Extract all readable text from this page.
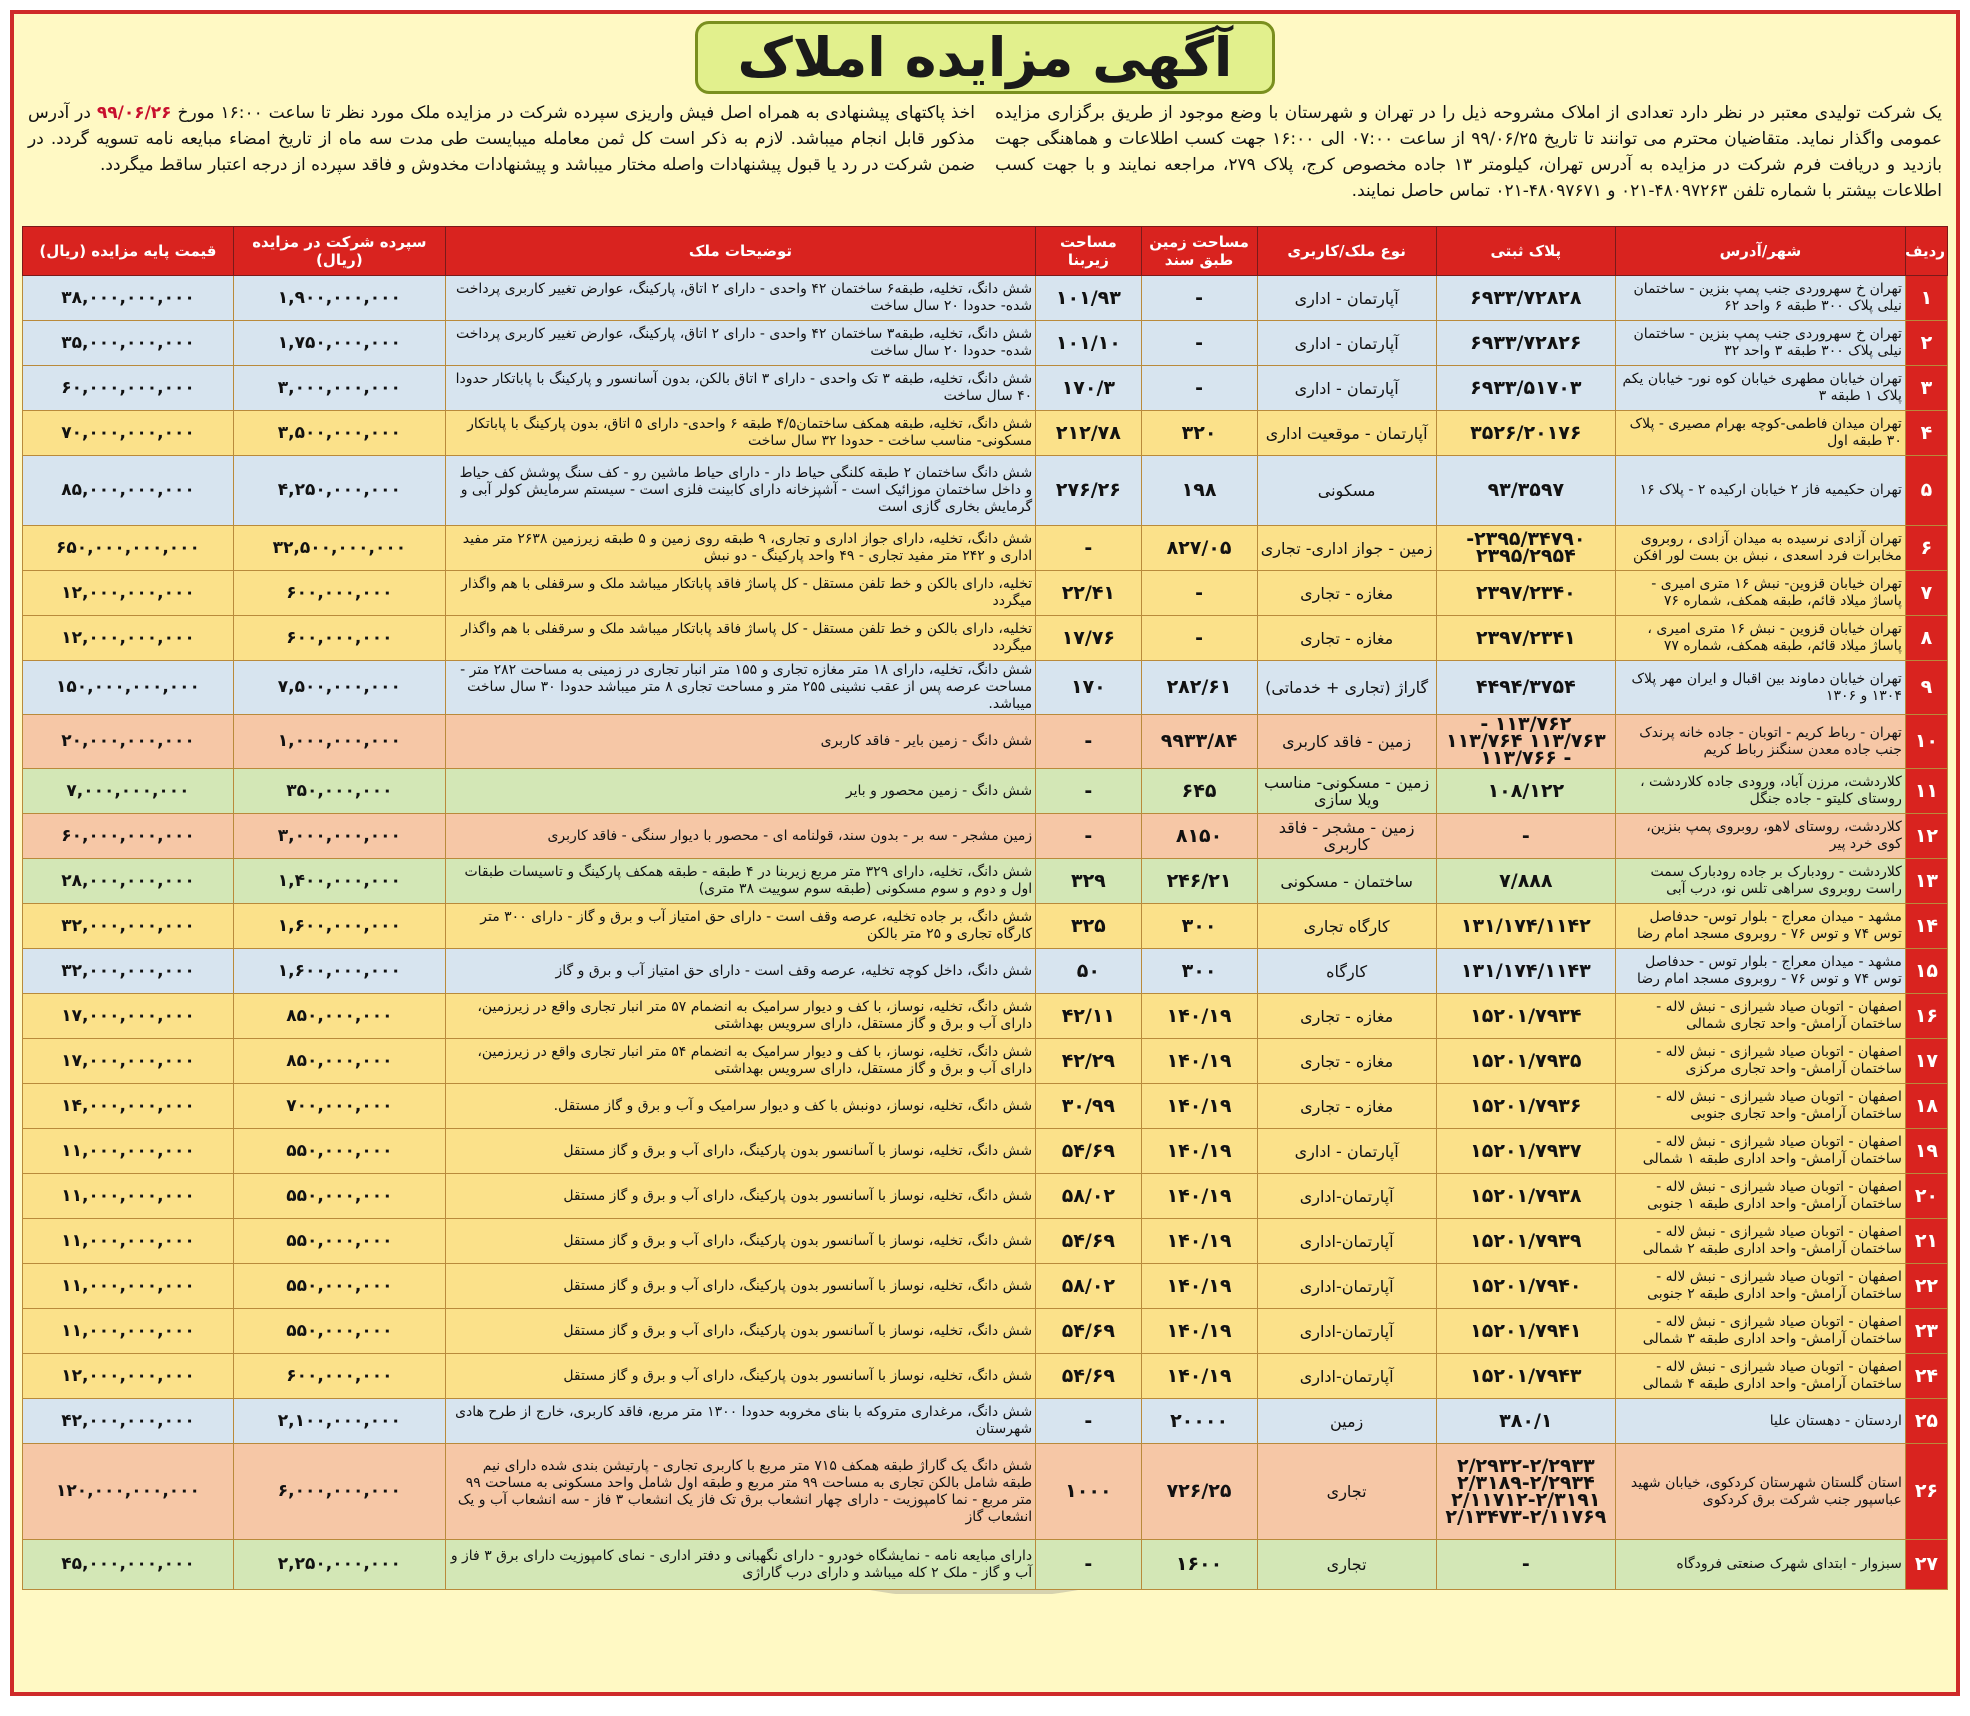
آگهی مزایده املاک

یک شرکت تولیدی معتبر در نظر دارد تعدادی از املاک مشروحه ذیل را در تهران و شهرستان با وضع موجود از طریق برگزاری مزایده عمومی واگذار نماید. متقاضیان محترم می توانند تا تاریخ ۹۹/۰۶/۲۵ از ساعت ۰۷:۰۰ الی ۱۶:۰۰ جهت کسب اطلاعات و هماهنگی جهت بازدید و دریافت فرم شرکت در مزایده به آدرس تهران، کیلومتر ۱۳ جاده مخصوص کرج، پلاک ۲۷۹، مراجعه نمایند و با جهت کسب اطلاعات بیشتر با شماره تلفن ۴۸۰۹۷۲۶۳-۰۲۱ و ۴۸۰۹۷۶۷۱-۰۲۱ تماس حاصل نمایند.

اخذ پاکتهای پیشنهادی به همراه اصل فیش واریزی سپرده شرکت در مزایده ملک مورد نظر تا ساعت ۱۶:۰۰ مورخ ۹۹/۰۶/۲۶ در آدرس مذکور قابل انجام میباشد. لازم به ذکر است کل ثمن معامله میبایست طی مدت سه ماه از تاریخ امضاء مبایعه نامه تسویه گردد. در ضمن شرکت در رد یا قبول پیشنهادات واصله مختار میباشد و پیشنهادات مخدوش و فاقد سپرده از درجه اعتبار ساقط میگردد.

ردیف	شهر/آدرس	پلاک ثبتی	نوع ملک/کاربری	مساحت زمین طبق سند	مساحت زیربنا	توضیحات ملک	سپرده شرکت در مزایده (ریال)	قیمت پایه مزایده (ریال)
۱	تهران خ سهروردی جنب پمپ بنزین - ساختمان نیلی پلاک ۳۰۰ طبقه ۶ واحد ۶۲	۶۹۳۳/۷۲۸۲۸	آپارتمان - اداری	-	۱۰۱/۹۳	شش دانگ، تخلیه، طبقه۶ ساختمان ۴۲ واحدی - دارای ۲ اتاق، پارکینگ، عوارض تغییر کاربری پرداخت شده- حدودا ۲۰ سال ساخت	۱,۹۰۰,۰۰۰,۰۰۰	۳۸,۰۰۰,۰۰۰,۰۰۰
۲	تهران خ سهروردی جنب پمپ بنزین - ساختمان نیلی پلاک ۳۰۰ طبقه ۳ واحد ۳۲	۶۹۳۳/۷۲۸۲۶	آپارتمان - اداری	-	۱۰۱/۱۰	شش دانگ، تخلیه، طبقه۳ ساختمان ۴۲ واحدی - دارای ۲ اتاق، پارکینگ، عوارض تغییر کاربری پرداخت شده- حدودا ۲۰ سال ساخت	۱,۷۵۰,۰۰۰,۰۰۰	۳۵,۰۰۰,۰۰۰,۰۰۰
۳	تهران خیابان مطهری خیابان کوه نور- خیابان یکم پلاک ۱ طبقه ۳	۶۹۳۳/۵۱۷۰۳	آپارتمان - اداری	-	۱۷۰/۳	شش دانگ، تخلیه، طبقه ۳ تک واحدی - دارای ۳ اتاق بالکن، بدون آسانسور و پارکینگ با پاباتکار حدودا ۴۰ سال ساخت	۳,۰۰۰,۰۰۰,۰۰۰	۶۰,۰۰۰,۰۰۰,۰۰۰
۴	تهران میدان فاطمی-کوچه بهرام مصیری - پلاک ۳۰ طبقه اول	۳۵۲۶/۲۰۱۷۶	آپارتمان - موقعیت اداری	۳۲۰	۲۱۲/۷۸	شش دانگ، تخلیه، طبقه همکف ساختمان۴/۵ طبقه ۶ واحدی- دارای ۵ اتاق، بدون پارکینگ با پاباتکار مسکونی- مناسب ساخت - حدودا ۳۲ سال ساخت	۳,۵۰۰,۰۰۰,۰۰۰	۷۰,۰۰۰,۰۰۰,۰۰۰
۵	تهران حکیمیه فاز ۲ خیابان ارکیده ۲ - پلاک ۱۶	۹۳/۳۵۹۷	مسکونی	۱۹۸	۲۷۶/۲۶	شش دانگ ساختمان ۲ طبقه کلنگی حیاط دار - دارای حیاط ماشین رو - کف سنگ پوشش کف حیاط و داخل ساختمان موزائیک است - آشپزخانه دارای کابینت فلزی است - سیستم سرمایش کولر آبی و گرمایش بخاری گازی است	۴,۲۵۰,۰۰۰,۰۰۰	۸۵,۰۰۰,۰۰۰,۰۰۰
۶	تهران آزادی نرسیده به میدان آزادی ، روبروی مخابرات فرد اسعدی ، نبش بن بست لور افکن	۲۳۹۵/۳۴۷۹۰- ۲۳۹۵/۲۹۵۴	زمین - جواز اداری- تجاری	۸۲۷/۰۵	-	شش دانگ، تخلیه، دارای جواز اداری و تجاری، ۹ طبقه روی زمین و ۵ طبقه زیرزمین ۲۶۳۸ متر مفید اداری و ۲۴۲ متر مفید تجاری - ۴۹ واحد پارکینگ - دو نبش	۳۲,۵۰۰,۰۰۰,۰۰۰	۶۵۰,۰۰۰,۰۰۰,۰۰۰
۷	تهران خیابان قزوین- نبش ۱۶ متری امیری - پاساژ میلاد قائم، طبقه همکف، شماره ۷۶	۲۳۹۷/۲۳۴۰	مغازه - تجاری	-	۲۲/۴۱	تخلیه، دارای بالکن و خط تلفن مستقل - کل پاساژ فاقد پاباتکار میباشد ملک و سرقفلی با هم واگذار میگردد	۶۰۰,۰۰۰,۰۰۰	۱۲,۰۰۰,۰۰۰,۰۰۰
۸	تهران خیابان قزوین - نبش ۱۶ متری امیری ، پاساژ میلاد قائم، طبقه همکف، شماره ۷۷	۲۳۹۷/۲۳۴۱	مغازه - تجاری	-	۱۷/۷۶	تخلیه، دارای بالکن و خط تلفن مستقل - کل پاساژ فاقد پاباتکار میباشد ملک و سرقفلی با هم واگذار میگردد	۶۰۰,۰۰۰,۰۰۰	۱۲,۰۰۰,۰۰۰,۰۰۰
۹	تهران خیابان دماوند بین اقبال و ایران مهر پلاک ۱۳۰۴ و ۱۳۰۶	۴۴۹۴/۳۷۵۴	گاراژ (تجاری + خدماتی)	۲۸۲/۶۱	۱۷۰	شش دانگ، تخلیه، دارای ۱۸ متر مغازه تجاری و ۱۵۵ متر انبار تجاری در زمینی به مساحت ۲۸۲ متر - مساحت عرصه پس از عقب نشینی ۲۵۵ متر و مساحت تجاری ۸ متر میباشد حدودا ۳۰ سال ساخت میباشد.	۷,۵۰۰,۰۰۰,۰۰۰	۱۵۰,۰۰۰,۰۰۰,۰۰۰
۱۰	تهران - رباط کریم - اتوبان - جاده خانه پرندک جنب جاده معدن سنگنز رباط کریم	۱۱۳/۷۶۲ - ۱۱۳/۷۶۳ ۱۱۳/۷۶۴ - ۱۱۳/۷۶۶	زمین - فاقد کاربری	۹۹۳۳/۸۴	-	شش دانگ - زمین بایر - فاقد کاربری	۱,۰۰۰,۰۰۰,۰۰۰	۲۰,۰۰۰,۰۰۰,۰۰۰
۱۱	کلاردشت، مرزن آباد، ورودی جاده کلاردشت ، روستای کلیتو - جاده جنگل	۱۰۸/۱۲۲	زمین - مسکونی- مناسب ویلا سازی	۶۴۵	-	شش دانگ - زمین محصور و بایر	۳۵۰,۰۰۰,۰۰۰	۷,۰۰۰,۰۰۰,۰۰۰
۱۲	کلاردشت، روستای لاهو، روبروی پمپ بنزین، کوی خرد پیر	-	زمین - مشجر - فاقد کاربری	۸۱۵۰	-	زمین مشجر - سه بر - بدون سند، قولنامه ای - محصور با دیوار سنگی - فاقد کاربری	۳,۰۰۰,۰۰۰,۰۰۰	۶۰,۰۰۰,۰۰۰,۰۰۰
۱۳	کلاردشت - رودبارک بر جاده رودبارک سمت راست روبروی سراهی تلس نو، درب آبی	۷/۸۸۸	ساختمان - مسکونی	۲۴۶/۲۱	۳۲۹	شش دانگ، تخلیه، دارای ۳۲۹ متر مربع زیربنا در ۴ طبقه - طبقه همکف پارکینگ و تاسیسات طبقات اول و دوم و سوم مسکونی (طبقه سوم سوییت ۳۸ متری)	۱,۴۰۰,۰۰۰,۰۰۰	۲۸,۰۰۰,۰۰۰,۰۰۰
۱۴	مشهد - میدان معراج - بلوار توس- حدفاصل توس ۷۴ و توس ۷۶ - روبروی مسجد امام رضا	۱۳۱/۱۷۴/۱۱۴۲	کارگاه تجاری	۳۰۰	۳۲۵	شش دانگ، بر جاده تخلیه، عرصه وقف است - دارای حق امتیاز آب و برق و گاز - دارای ۳۰۰ متر کارگاه تجاری و ۲۵ متر بالکن	۱,۶۰۰,۰۰۰,۰۰۰	۳۲,۰۰۰,۰۰۰,۰۰۰
۱۵	مشهد - میدان معراج - بلوار توس - حدفاصل توس ۷۴ و توس ۷۶ - روبروی مسجد امام رضا	۱۳۱/۱۷۴/۱۱۴۳	کارگاه	۳۰۰	۵۰	شش دانگ، داخل کوچه تخلیه، عرصه وقف است - دارای حق امتیاز آب و برق و گاز	۱,۶۰۰,۰۰۰,۰۰۰	۳۲,۰۰۰,۰۰۰,۰۰۰
۱۶	اصفهان - اتوبان صیاد شیرازی - نبش لاله - ساختمان آرامش- واحد تجاری شمالی	۱۵۲۰۱/۷۹۳۴	مغازه - تجاری	۱۴۰/۱۹	۴۲/۱۱	شش دانگ، تخلیه، نوساز، با کف و دیوار سرامیک به انضمام ۵۷ متر انبار تجاری واقع در زیرزمین، دارای آب و برق و گاز مستقل، دارای سرویس بهداشتی	۸۵۰,۰۰۰,۰۰۰	۱۷,۰۰۰,۰۰۰,۰۰۰
۱۷	اصفهان - اتوبان صیاد شیرازی - نبش لاله - ساختمان آرامش- واحد تجاری مرکزی	۱۵۲۰۱/۷۹۳۵	مغازه - تجاری	۱۴۰/۱۹	۴۲/۲۹	شش دانگ، تخلیه، نوساز، با کف و دیوار سرامیک به انضمام ۵۴ متر انبار تجاری واقع در زیرزمین، دارای آب و برق و گاز مستقل، دارای سرویس بهداشتی	۸۵۰,۰۰۰,۰۰۰	۱۷,۰۰۰,۰۰۰,۰۰۰
۱۸	اصفهان - اتوبان صیاد شیرازی - نبش لاله - ساختمان آرامش- واحد تجاری جنوبی	۱۵۲۰۱/۷۹۳۶	مغازه - تجاری	۱۴۰/۱۹	۳۰/۹۹	شش دانگ، تخلیه، نوساز، دونبش با کف و دیوار سرامیک و آب و برق و گاز مستقل.	۷۰۰,۰۰۰,۰۰۰	۱۴,۰۰۰,۰۰۰,۰۰۰
۱۹	اصفهان - اتوبان صیاد شیرازی - نبش لاله - ساختمان آرامش- واحد اداری طبقه ۱ شمالی	۱۵۲۰۱/۷۹۳۷	آپارتمان - اداری	۱۴۰/۱۹	۵۴/۶۹	شش دانگ، تخلیه، نوساز با آسانسور بدون پارکینگ، دارای آب و برق و گاز مستقل	۵۵۰,۰۰۰,۰۰۰	۱۱,۰۰۰,۰۰۰,۰۰۰
۲۰	اصفهان - اتوبان صیاد شیرازی - نبش لاله - ساختمان آرامش- واحد اداری طبقه ۱ جنوبی	۱۵۲۰۱/۷۹۳۸	آپارتمان-اداری	۱۴۰/۱۹	۵۸/۰۲	شش دانگ، تخلیه، نوساز با آسانسور بدون پارکینگ، دارای آب و برق و گاز مستقل	۵۵۰,۰۰۰,۰۰۰	۱۱,۰۰۰,۰۰۰,۰۰۰
۲۱	اصفهان - اتوبان صیاد شیرازی - نبش لاله - ساختمان آرامش- واحد اداری طبقه ۲ شمالی	۱۵۲۰۱/۷۹۳۹	آپارتمان-اداری	۱۴۰/۱۹	۵۴/۶۹	شش دانگ، تخلیه، نوساز با آسانسور بدون پارکینگ، دارای آب و برق و گاز مستقل	۵۵۰,۰۰۰,۰۰۰	۱۱,۰۰۰,۰۰۰,۰۰۰
۲۲	اصفهان - اتوبان صیاد شیرازی - نبش لاله - ساختمان آرامش- واحد اداری طبقه ۲ جنوبی	۱۵۲۰۱/۷۹۴۰	آپارتمان-اداری	۱۴۰/۱۹	۵۸/۰۲	شش دانگ، تخلیه، نوساز با آسانسور بدون پارکینگ، دارای آب و برق و گاز مستقل	۵۵۰,۰۰۰,۰۰۰	۱۱,۰۰۰,۰۰۰,۰۰۰
۲۳	اصفهان - اتوبان صیاد شیرازی - نبش لاله - ساختمان آرامش- واحد اداری طبقه ۳ شمالی	۱۵۲۰۱/۷۹۴۱	آپارتمان-اداری	۱۴۰/۱۹	۵۴/۶۹	شش دانگ، تخلیه، نوساز با آسانسور بدون پارکینگ، دارای آب و برق و گاز مستقل	۵۵۰,۰۰۰,۰۰۰	۱۱,۰۰۰,۰۰۰,۰۰۰
۲۴	اصفهان - اتوبان صیاد شیرازی - نبش لاله - ساختمان آرامش- واحد اداری طبقه ۴ شمالی	۱۵۲۰۱/۷۹۴۳	آپارتمان-اداری	۱۴۰/۱۹	۵۴/۶۹	شش دانگ، تخلیه، نوساز با آسانسور بدون پارکینگ، دارای آب و برق و گاز مستقل	۶۰۰,۰۰۰,۰۰۰	۱۲,۰۰۰,۰۰۰,۰۰۰
۲۵	اردستان - دهستان علیا	۳۸۰/۱	زمین	۲۰۰۰۰	-	شش دانگ، مرغداری متروکه با بنای مخروبه حدودا ۱۳۰۰ متر مربع، فاقد کاربری، خارج از طرح هادی شهرستان	۲,۱۰۰,۰۰۰,۰۰۰	۴۲,۰۰۰,۰۰۰,۰۰۰
۲۶	استان گلستان شهرستان کردکوی، خیابان شهید عباسپور جنب شرکت برق کردکوی	۲/۲۹۳۲-۲/۲۹۳۳ ۲/۳۱۸۹-۲/۲۹۳۴ ۲/۱۱۷۱۲-۲/۳۱۹۱ ۲/۱۳۴۷۳-۲/۱۱۷۶۹	تجاری	۷۲۶/۲۵	۱۰۰۰	شش دانگ یک گاراژ طبقه همکف ۷۱۵ متر مربع با کاربری تجاری - پارتیشن بندی شده دارای نیم طبقه شامل بالکن تجاری به مساحت ۹۹ متر مربع و طبقه اول شامل واحد مسکونی به مساحت ۹۹ متر مربع - نما کامپوزیت - دارای چهار انشعاب برق تک فاز یک انشعاب ۳ فاز - سه انشعاب آب و یک انشعاب گاز	۶,۰۰۰,۰۰۰,۰۰۰	۱۲۰,۰۰۰,۰۰۰,۰۰۰
۲۷	سبزوار - ابتدای شهرک صنعتی فرودگاه	-	تجاری	۱۶۰۰	-	دارای مبایعه نامه - نمایشگاه خودرو - دارای نگهبانی و دفتر اداری - نمای کامپوزیت دارای برق ۳ فاز و آب و گاز - ملک ۲ کله میباشد و دارای درب گاراژی	۲,۲۵۰,۰۰۰,۰۰۰	۴۵,۰۰۰,۰۰۰,۰۰۰
